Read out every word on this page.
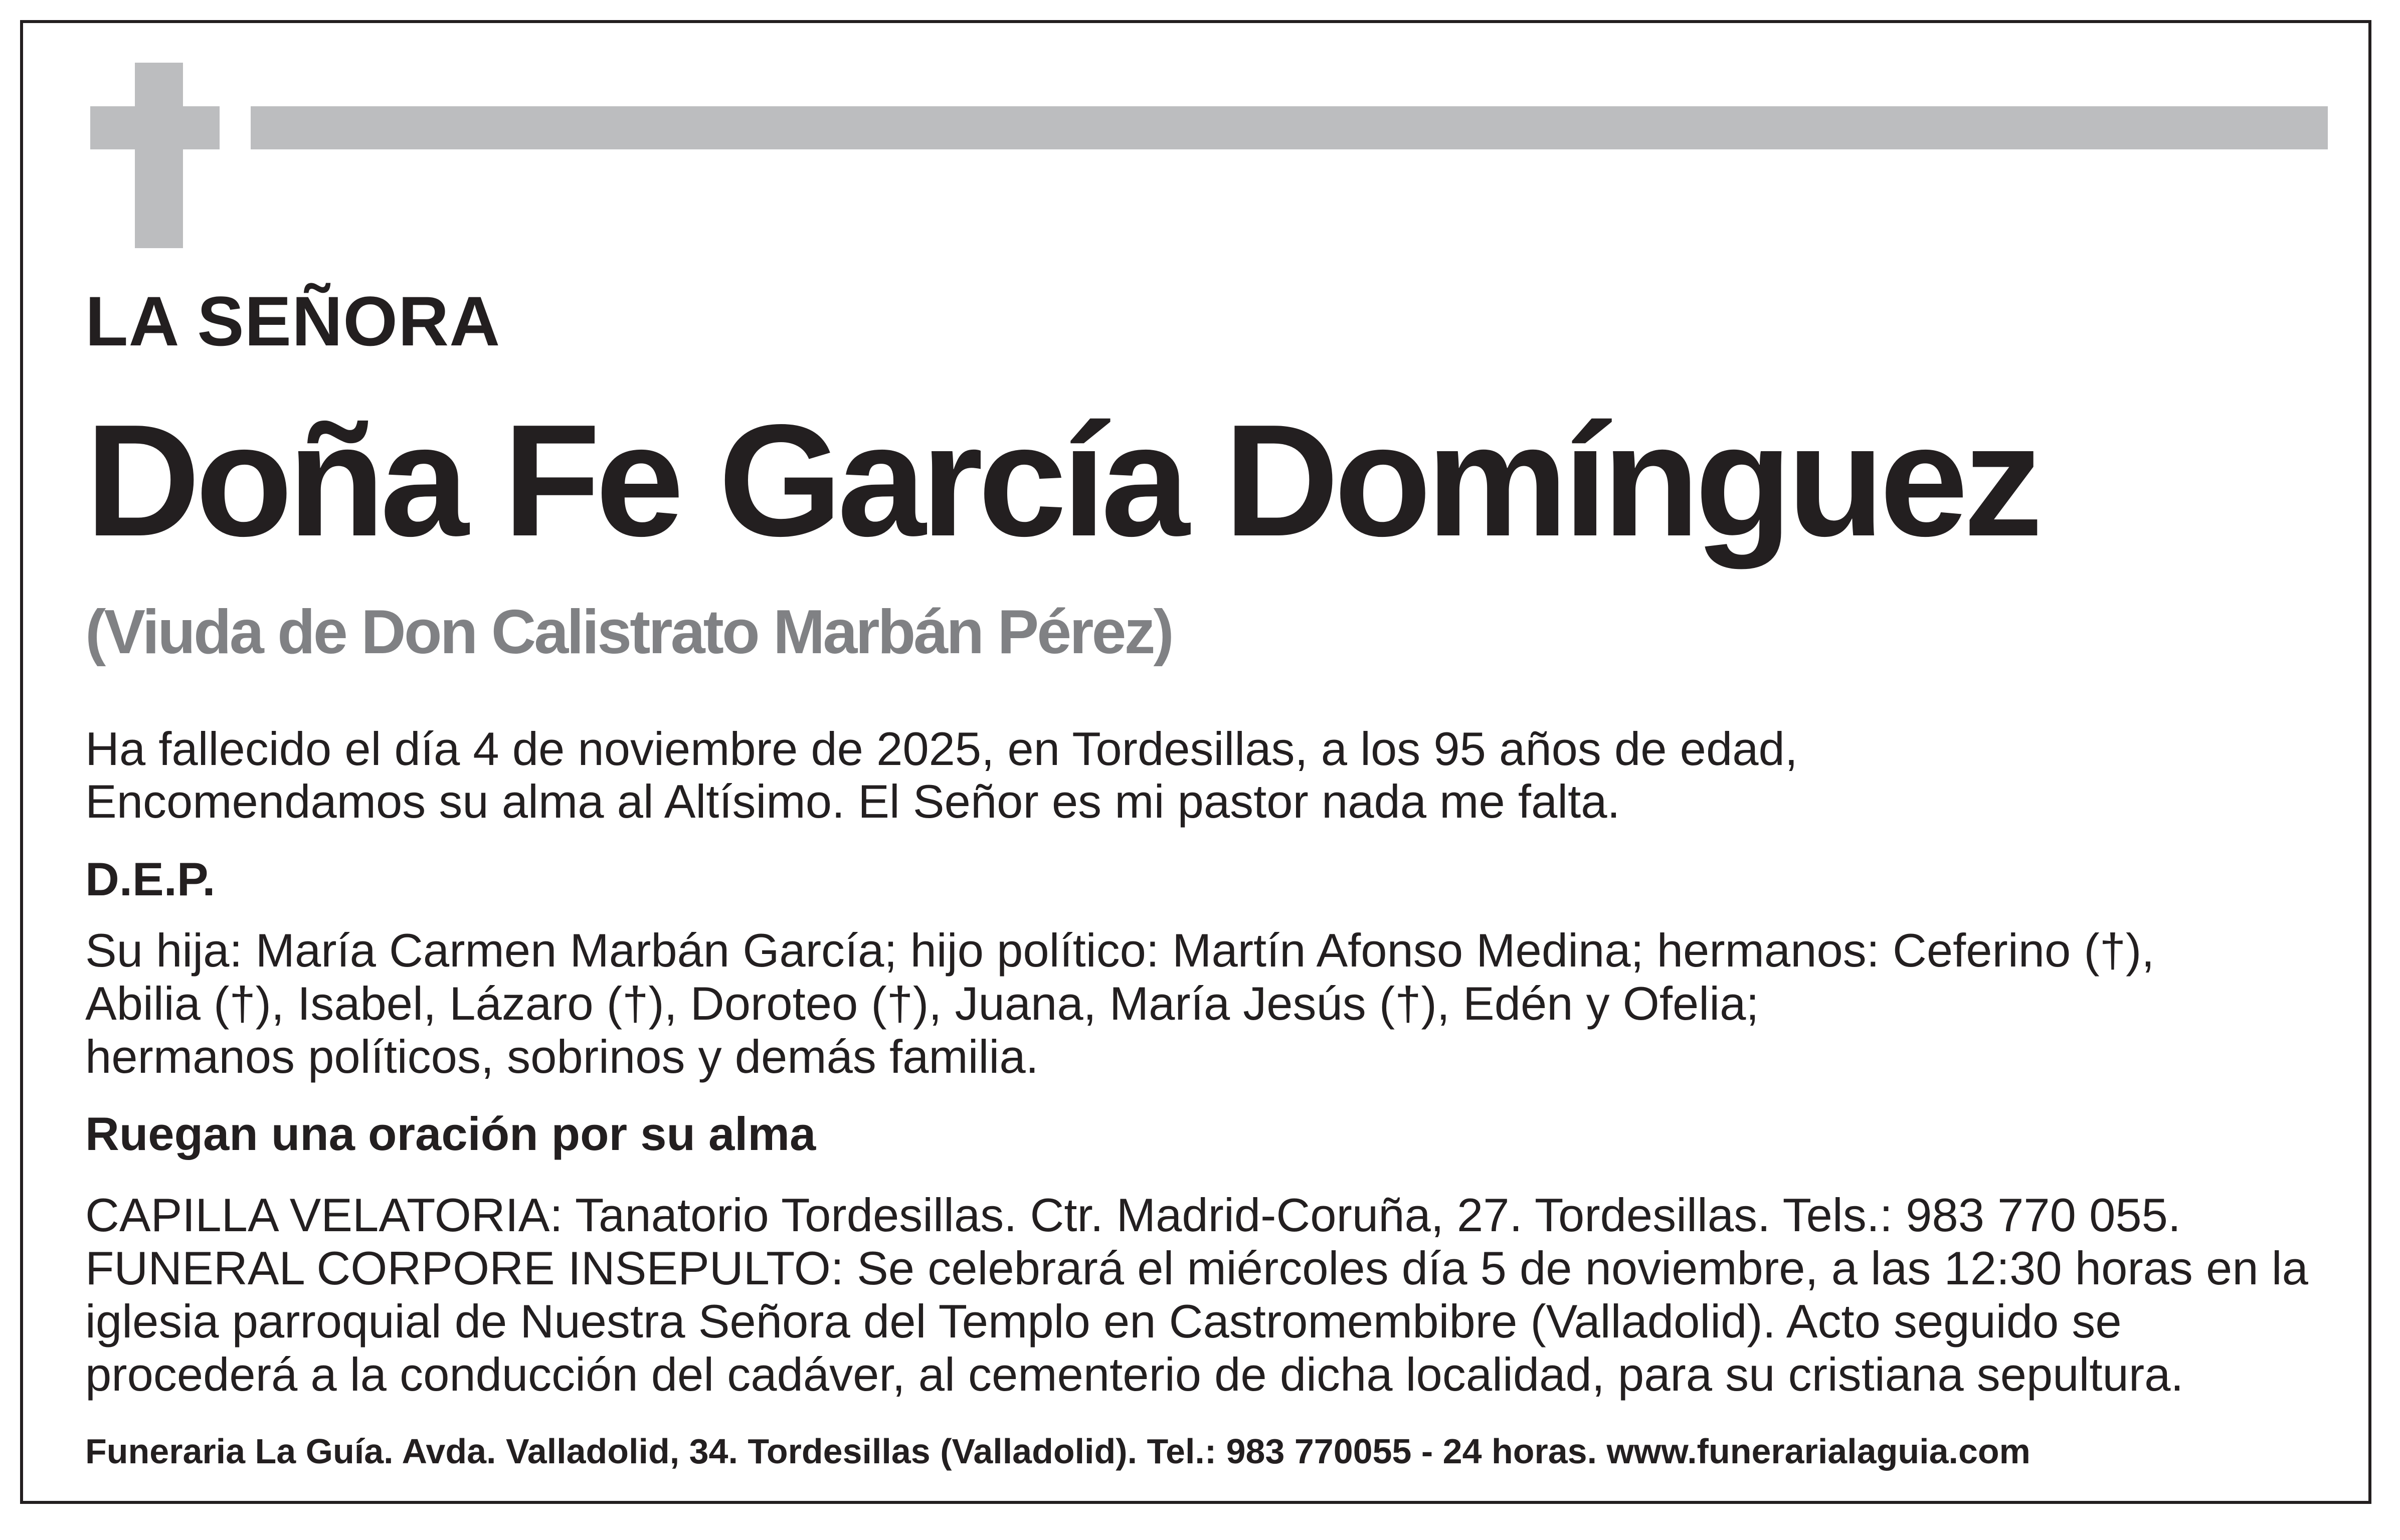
LA SEÑORA
Doña Fe García Domínguez
(Viuda de Don Calistrato Marbán Pérez)
Ha fallecido el día 4 de noviembre de 2025, en Tordesillas, a los 95 años de edad,
Encomendamos su alma al Altísimo. El Señor es mi pastor nada me falta.
D.E.P.
Su hija: María Carmen Marbán García; hijo político: Martín Afonso Medina; hermanos: Ceferino (†),
Abilia (†), Isabel, Lázaro (†), Doroteo (†), Juana, María Jesús (†), Edén y Ofelia;
hermanos políticos, sobrinos y demás familia.
Ruegan una oración por su alma
CAPILLA VELATORIA: Tanatorio Tordesillas. Ctr. Madrid-Coruña, 27. Tordesillas. Tels.: 983 770 055.
FUNERAL CORPORE INSEPULTO: Se celebrará el miércoles día 5 de noviembre, a las 12:30 horas en la
iglesia parroquial de Nuestra Señora del Templo en Castromembibre (Valladolid). Acto seguido se
procederá a la conducción del cadáver, al cementerio de dicha localidad, para su cristiana sepultura.
Funeraria La Guía. Avda. Valladolid, 34. Tordesillas (Valladolid). Tel.: 983 770055 - 24 horas. www.funerarialaguia.com
